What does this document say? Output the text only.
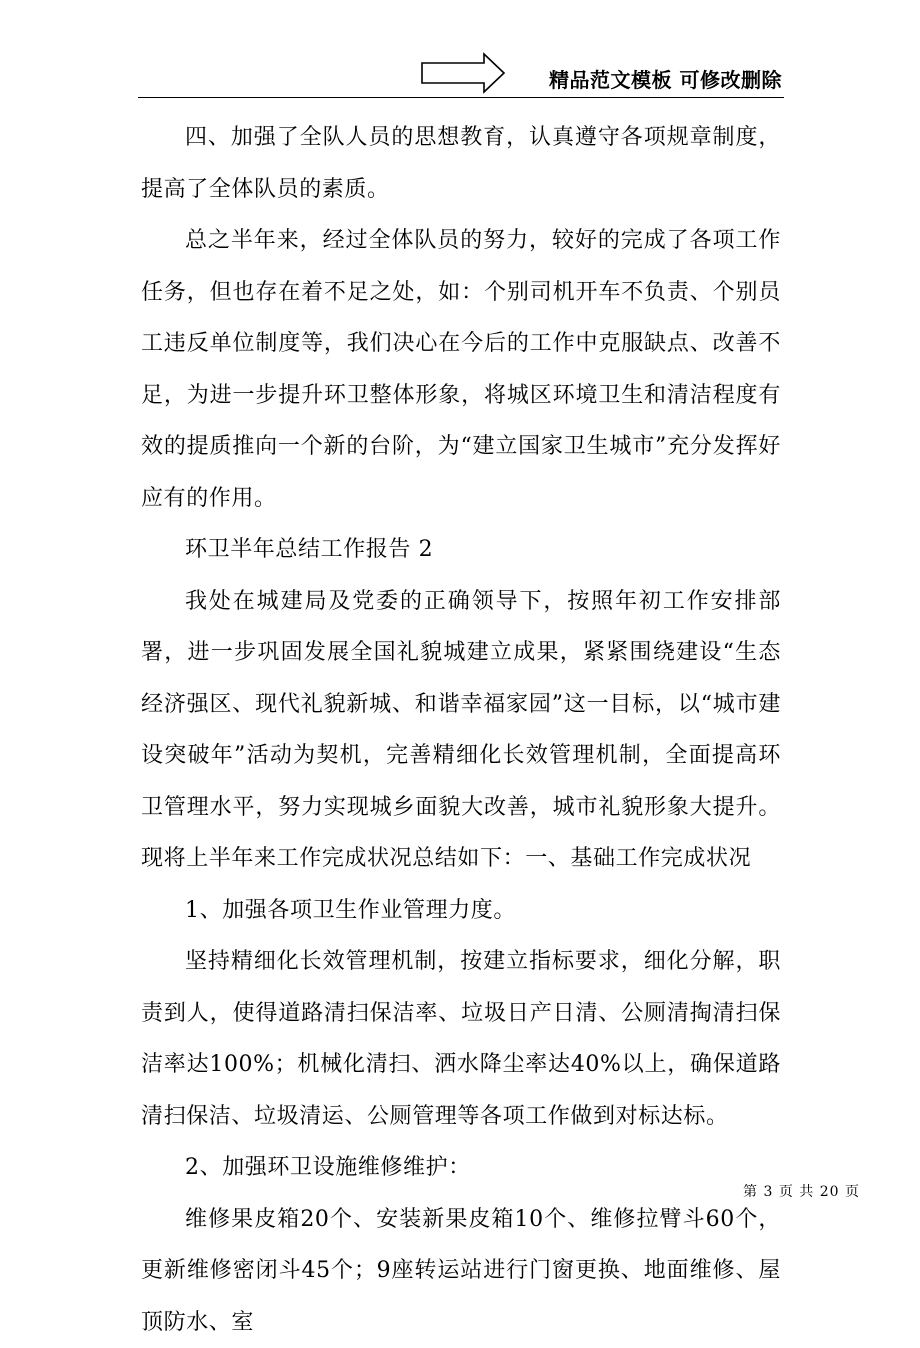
精品范文模板 可修改删除

四、加强了全队人员的思想教育，认真遵守各项规章制度，提高了全体队员的素质。

总之半年来，经过全体队员的努力，较好的完成了各项工作任务，但也存在着不足之处，如：个别司机开车不负责、个别员工违反单位制度等，我们决心在今后的工作中克服缺点、改善不足，为进一步提升环卫整体形象，将城区环境卫生和清洁程度有效的提质推向一个新的台阶，为“建立国家卫生城市”充分发挥好应有的作用。

环卫半年总结工作报告 2

我处在城建局及党委的正确领导下，按照年初工作安排部署，进一步巩固发展全国礼貌城建立成果，紧紧围绕建设“生态经济强区、现代礼貌新城、和谐幸福家园”这一目标，以“城市建设突破年”活动为契机，完善精细化长效管理机制，全面提高环卫管理水平，努力实现城乡面貌大改善，城市礼貌形象大提升。现将上半年来工作完成状况总结如下：一、基础工作完成状况

1、加强各项卫生作业管理力度。

坚持精细化长效管理机制，按建立指标要求，细化分解，职责到人，使得道路清扫保洁率、垃圾日产日清、公厕清掏清扫保洁率达100%；机械化清扫、洒水降尘率达40%以上，确保道路清扫保洁、垃圾清运、公厕管理等各项工作做到对标达标。

2、加强环卫设施维修维护：

维修果皮箱20个、安装新果皮箱10个、维修拉臂斗60个，更新维修密闭斗45个；9座转运站进行门窗更换、地面维修、屋顶防水、室

第 3 页 共 20 页
